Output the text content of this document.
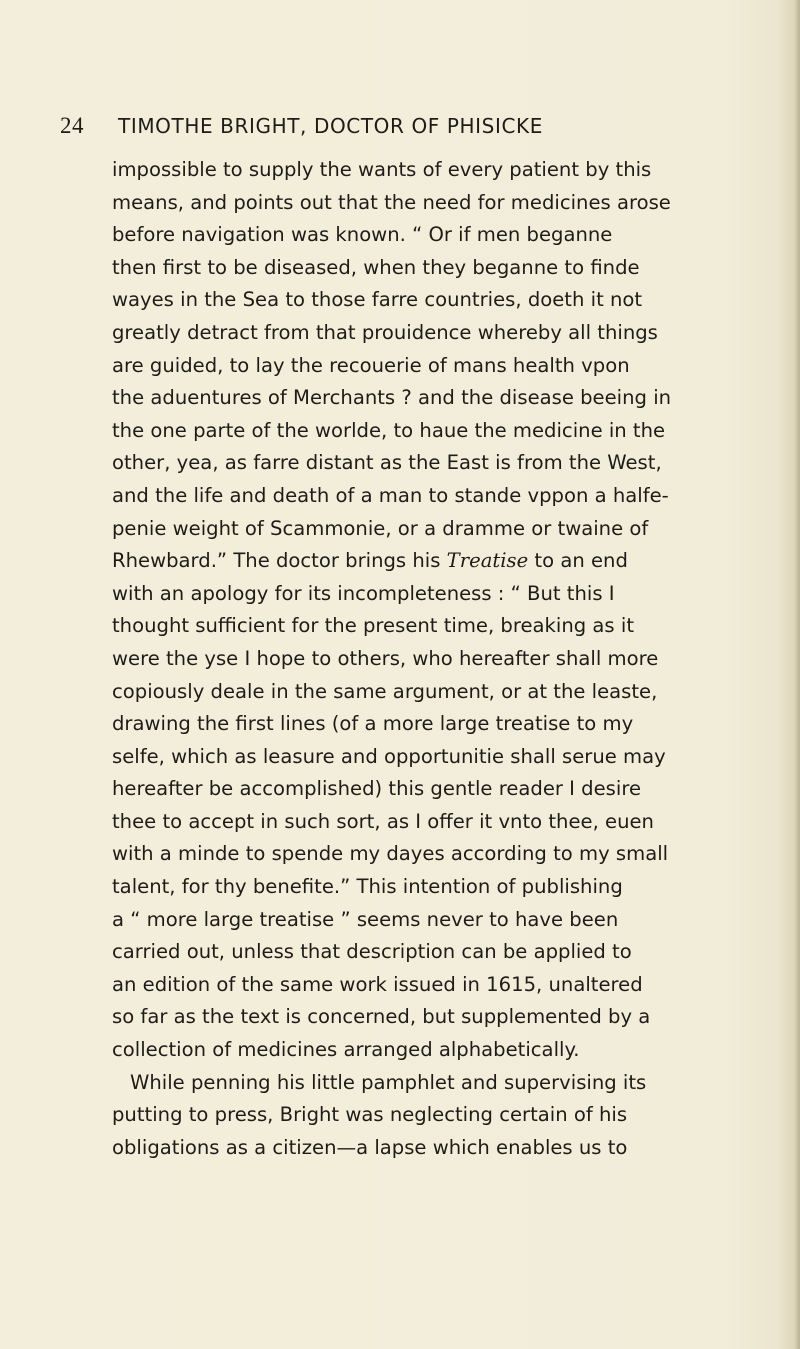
24 TIMOTHE BRIGHT, DOCTOR OF PHISICKE
impossible to supply the wants of every patient by this
means, and points out that the need for medicines arose
before navigation was known. “ Or if men beganne
then first to be diseased, when they beganne to finde
wayes in the Sea to those farre countries, doeth it not
greatly detract from that prouidence whereby all things
are guided, to lay the recouerie of mans health vpon
the aduentures of Merchants ? and the disease beeing in
the one parte of the worlde, to haue the medicine in the
other, yea, as farre distant as the East is from the West,
and the life and death of a man to stande vppon a halfe-
penie weight of Scammonie, or a dramme or twaine of
Rhewbard.” The doctor brings his Treatise to an end
with an apology for its incompleteness : “ But this I
thought sufficient for the present time, breaking as it
were the yse I hope to others, who hereafter shall more
copiously deale in the same argument, or at the leaste,
drawing the first lines (of a more large treatise to my
selfe, which as leasure and opportunitie shall serue may
hereafter be accomplished) this gentle reader I desire
thee to accept in such sort, as I offer it vnto thee, euen
with a minde to spende my dayes according to my small
talent, for thy benefite.” This intention of publishing
a “ more large treatise ” seems never to have been
carried out, unless that description can be applied to
an edition of the same work issued in 1615, unaltered
so far as the text is concerned, but supplemented by a
collection of medicines arranged alphabetically.
While penning his little pamphlet and supervising its
putting to press, Bright was neglecting certain of his
obligations as a citizen—a lapse which enables us to
